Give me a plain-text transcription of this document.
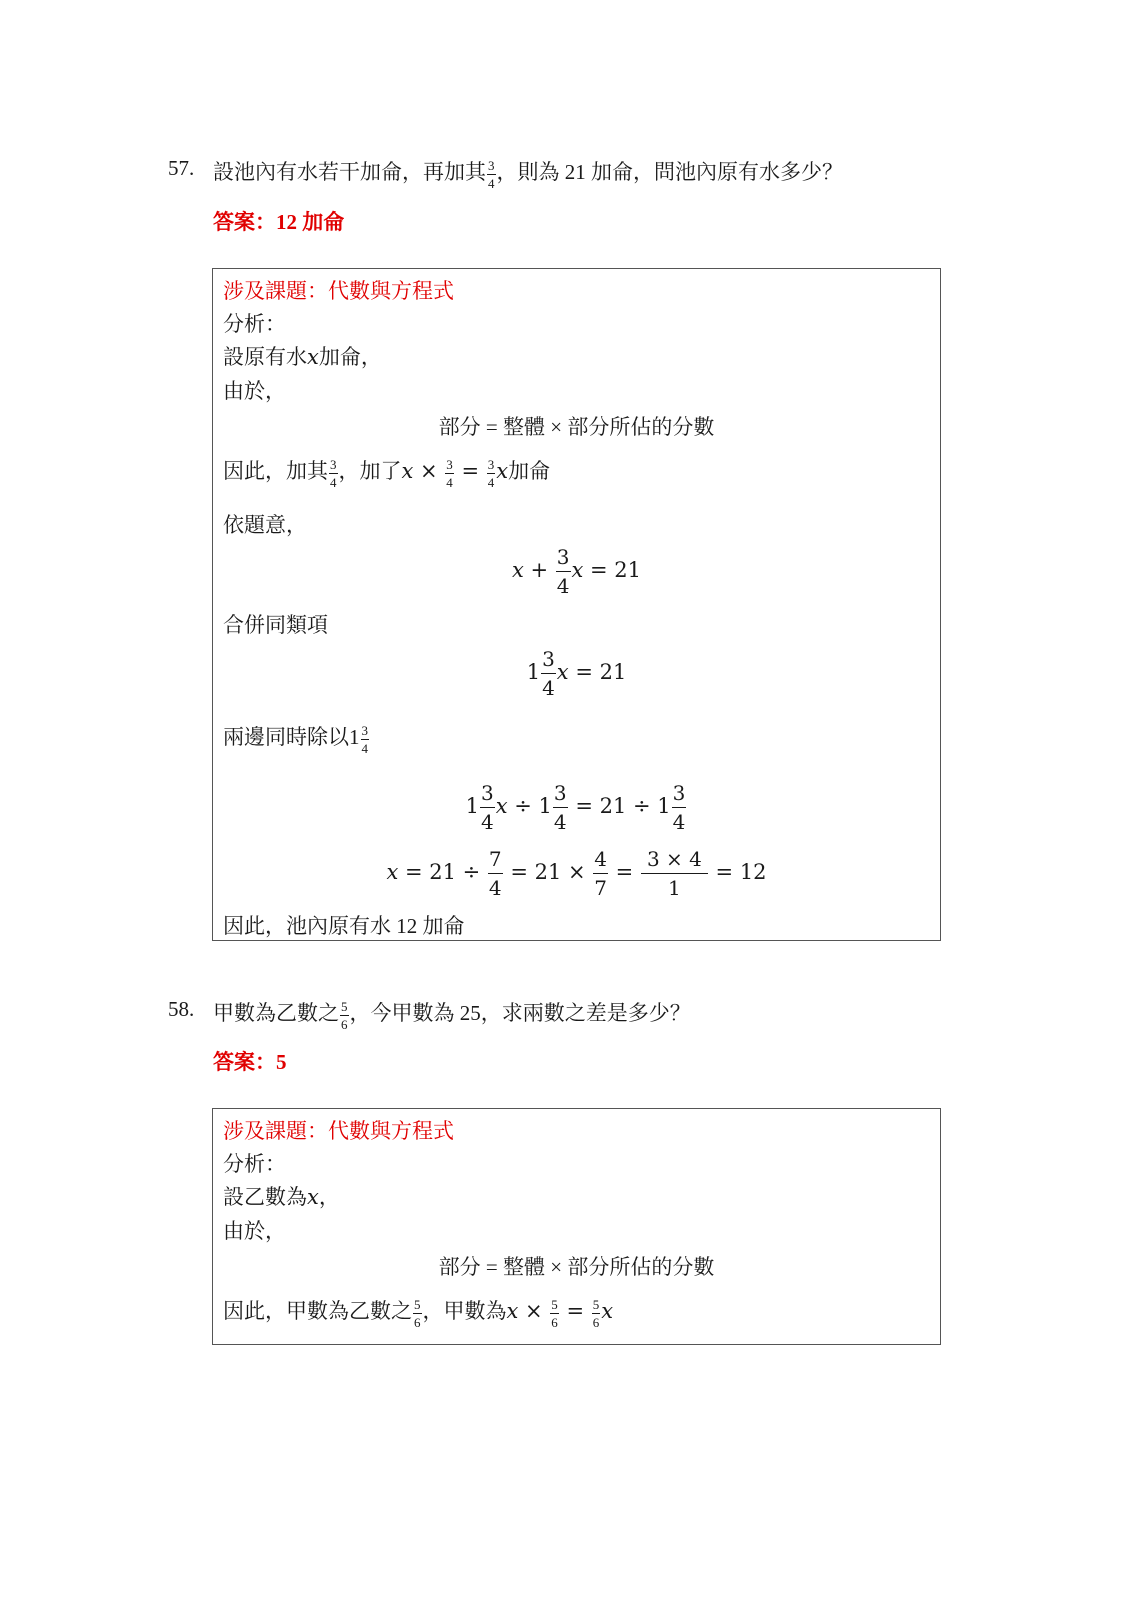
57. 設池內有水若干加侖，再加其 $\frac{3}{4}$ ，則為 21 加侖，問池內原有水多少？
答案：12 加侖
涉及課題：代數與方程式
分析：
設原有水x加侖，
由於，
部分 = 整體 × 部分所佔的分數
因此，加其 $\frac{3}{4}$ ，加了$x \times \frac{3}{4} = \frac{3}{4}$ x加侖
依題意，
$x + \frac{3}{4}$ x = 21
合併同類項
$1 \frac{3}{4}$ x = 21
兩邊同時除以$1 \frac{3}{4}$
$1 \frac{3}{4}$ $x \div 1 \frac{3}{4} = 21 \div 1 \frac{3}{4}$
$x = 21 \div \frac{7}{4} = 21 \times \frac{4}{7} = \frac{3 \times 4}{1} = 12$
因此，池內原有水 12 加侖
58. 甲數為乙數之 $\frac{5}{6}$ ，今甲數為 25，求兩數之差是多少？
答案：5
涉及課題：代數與方程式
分析：
設乙數為x，
由於，
部分 = 整體 × 部分所佔的分數
因此，甲數為乙數之 $\frac{5}{6}$ ，甲數為$x \times \frac{5}{6} = \frac{5}{6}$ x
